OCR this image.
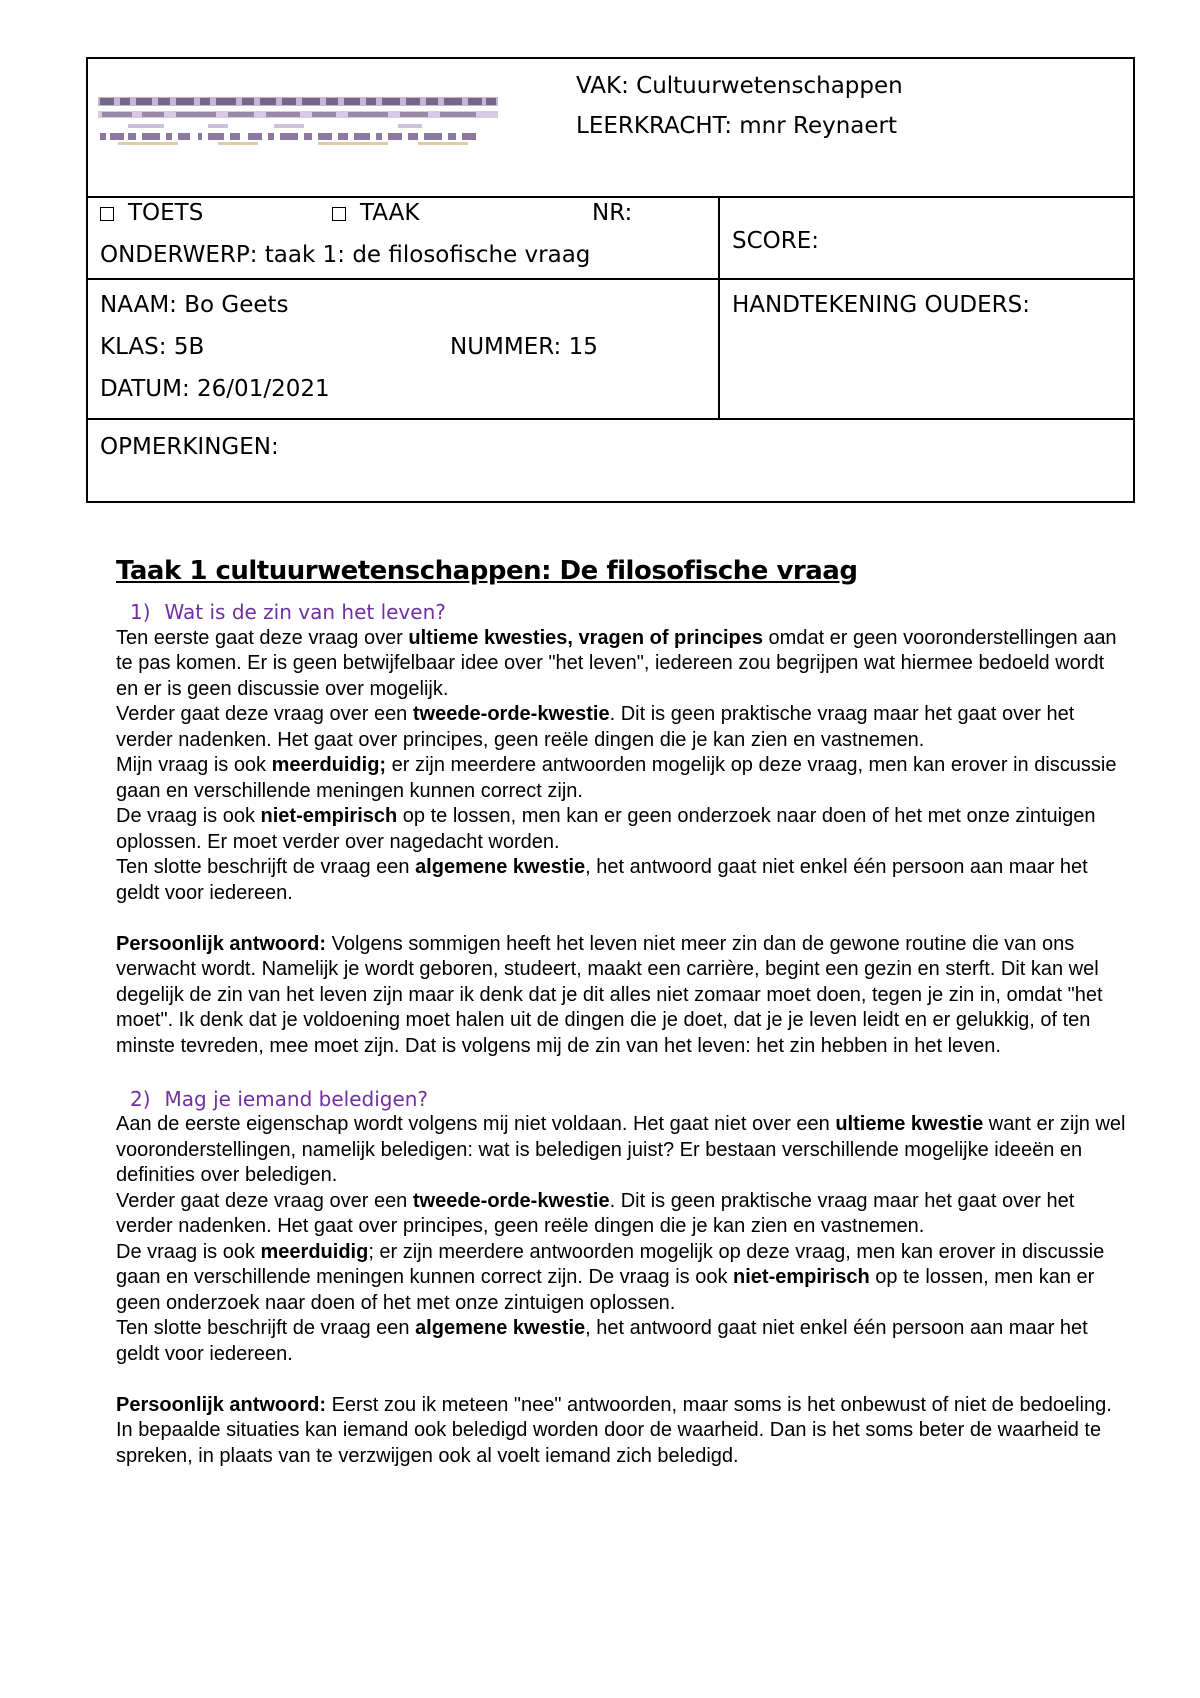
VAK: Cultuurwetenschappen
LEERKRACHT: mnr Reynaert
TOETS	TAAK	NR:
ONDERWERP: taak 1: de filosofische vraag
SCORE:
NAAM: Bo Geets
KLAS: 5B	NUMMER: 15
DATUM: 26/01/2021
HANDTEKENING OUDERS:
OPMERKINGEN:
Taak 1 cultuurwetenschappen: De filosofische vraag
1) Wat is de zin van het leven?

Ten eerste gaat deze vraag over ultieme kwesties, vragen of principes omdat er geen vooronderstellingen aan te pas komen. Er is geen betwijfelbaar idee over "het leven", iedereen zou begrijpen wat hiermee bedoeld wordt en er is geen discussie over mogelijk.

Verder gaat deze vraag over een tweede-orde-kwestie. Dit is geen praktische vraag maar het gaat over het verder nadenken. Het gaat over principes, geen reële dingen die je kan zien en vastnemen.

Mijn vraag is ook meerduidig; er zijn meerdere antwoorden mogelijk op deze vraag, men kan erover in discussie gaan en verschillende meningen kunnen correct zijn.

De vraag is ook niet-empirisch op te lossen, men kan er geen onderzoek naar doen of het met onze zintuigen oplossen. Er moet verder over nagedacht worden.

Ten slotte beschrijft de vraag een algemene kwestie, het antwoord gaat niet enkel één persoon aan maar het geldt voor iedereen.

Persoonlijk antwoord: Volgens sommigen heeft het leven niet meer zin dan de gewone routine die van ons verwacht wordt. Namelijk je wordt geboren, studeert, maakt een carrière, begint een gezin en sterft. Dit kan wel degelijk de zin van het leven zijn maar ik denk dat je dit alles niet zomaar moet doen, tegen je zin in, omdat "het moet". Ik denk dat je voldoening moet halen uit de dingen die je doet, dat je je leven leidt en er gelukkig, of ten minste tevreden, mee moet zijn. Dat is volgens mij de zin van het leven: het zin hebben in het leven.

2) Mag je iemand beledigen?

Aan de eerste eigenschap wordt volgens mij niet voldaan. Het gaat niet over een ultieme kwestie want er zijn wel vooronderstellingen, namelijk beledigen: wat is beledigen juist? Er bestaan verschillende mogelijke ideeën en definities over beledigen.

Verder gaat deze vraag over een tweede-orde-kwestie. Dit is geen praktische vraag maar het gaat over het verder nadenken. Het gaat over principes, geen reële dingen die je kan zien en vastnemen.

De vraag is ook meerduidig; er zijn meerdere antwoorden mogelijk op deze vraag, men kan erover in discussie gaan en verschillende meningen kunnen correct zijn. De vraag is ook niet-empirisch op te lossen, men kan er geen onderzoek naar doen of het met onze zintuigen oplossen.

Ten slotte beschrijft de vraag een algemene kwestie, het antwoord gaat niet enkel één persoon aan maar het geldt voor iedereen.

Persoonlijk antwoord: Eerst zou ik meteen "nee" antwoorden, maar soms is het onbewust of niet de bedoeling. In bepaalde situaties kan iemand ook beledigd worden door de waarheid. Dan is het soms beter de waarheid te spreken, in plaats van te verzwijgen ook al voelt iemand zich beledigd.
